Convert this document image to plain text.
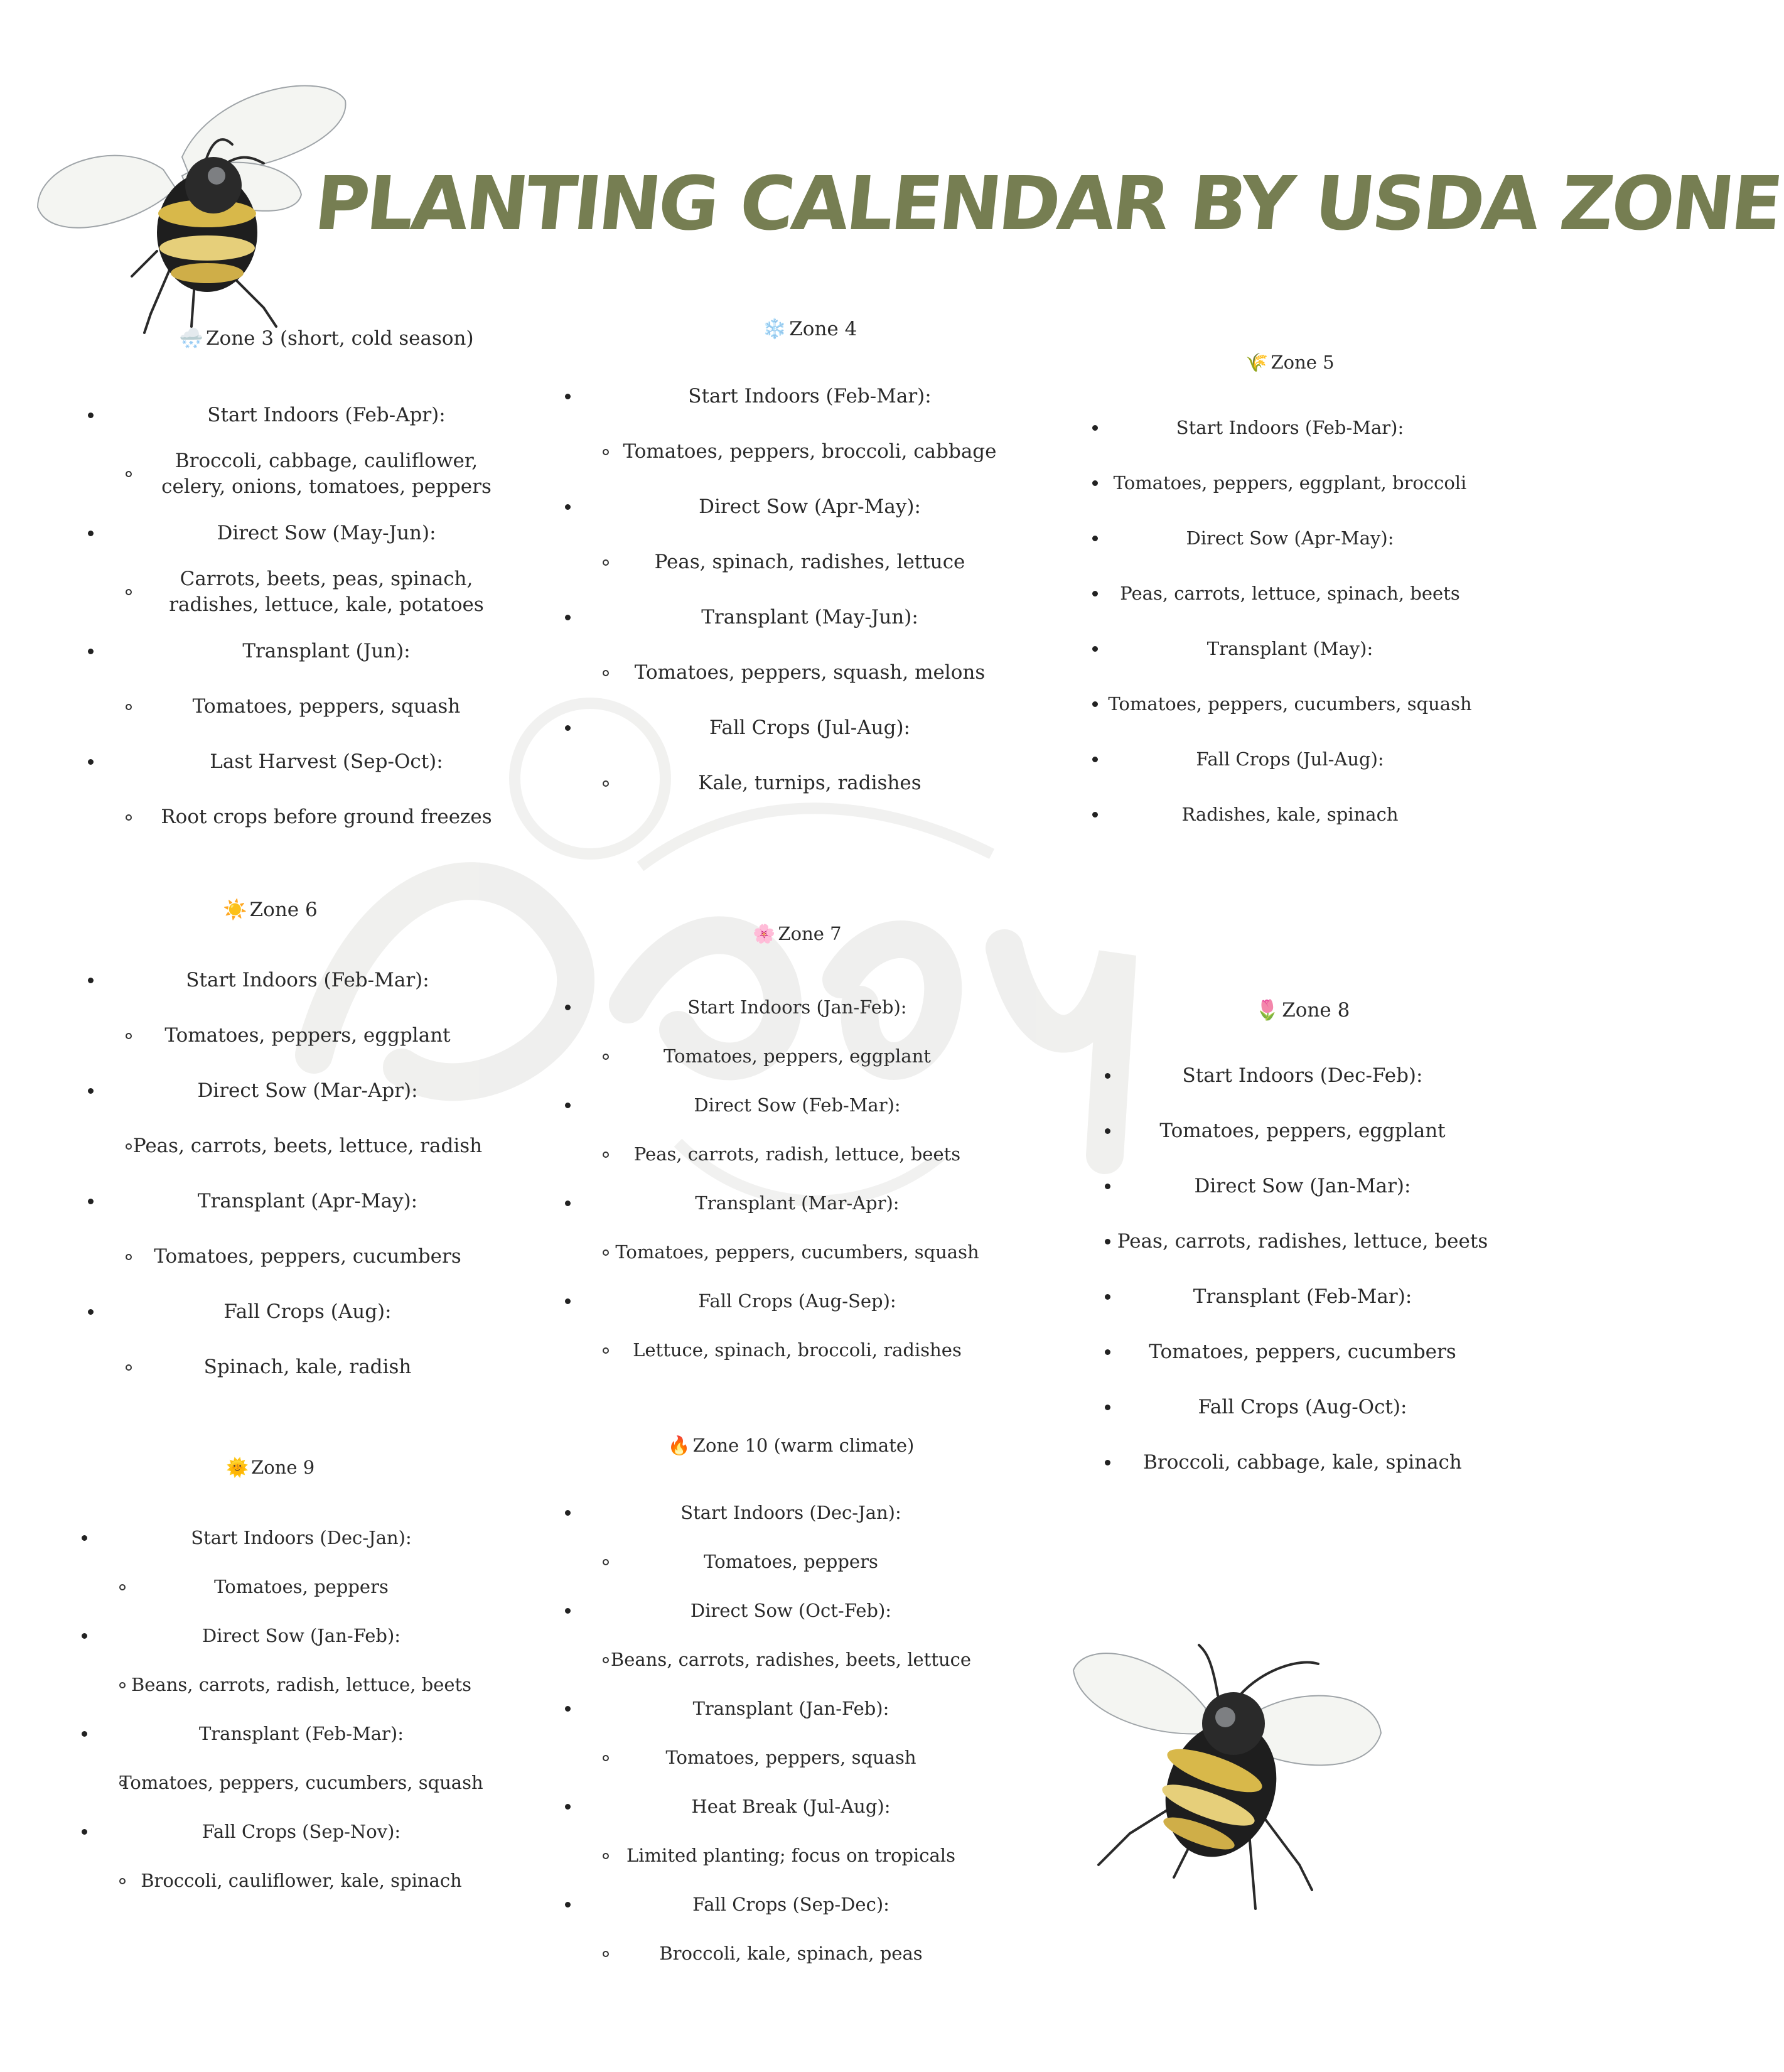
PLANTING CALENDAR BY USDA ZONE
🌨️ Zone 3 (short, cold season)
Start Indoors (Feb-Apr):
Broccoli, cabbage, cauliflower, celery, onions, tomatoes, peppers
Direct Sow (May-Jun):
Carrots, beets, peas, spinach, radishes, lettuce, kale, potatoes
Transplant (Jun):
Tomatoes, peppers, squash
Last Harvest (Sep-Oct):
Root crops before ground freezes
❄️ Zone 4
Start Indoors (Feb-Mar):
Tomatoes, peppers, broccoli, cabbage
Direct Sow (Apr-May):
Peas, spinach, radishes, lettuce
Transplant (May-Jun):
Tomatoes, peppers, squash, melons
Fall Crops (Jul-Aug):
Kale, turnips, radishes
🌾 Zone 5
Start Indoors (Feb-Mar):
Tomatoes, peppers, eggplant, broccoli
Direct Sow (Apr-May):
Peas, carrots, lettuce, spinach, beets
Transplant (May):
Tomatoes, peppers, cucumbers, squash
Fall Crops (Jul-Aug):
Radishes, kale, spinach
☀️ Zone 6
Start Indoors (Feb-Mar):
Tomatoes, peppers, eggplant
Direct Sow (Mar-Apr):
Peas, carrots, beets, lettuce, radish
Transplant (Apr-May):
Tomatoes, peppers, cucumbers
Fall Crops (Aug):
Spinach, kale, radish
🌸 Zone 7
Start Indoors (Jan-Feb):
Tomatoes, peppers, eggplant
Direct Sow (Feb-Mar):
Peas, carrots, radish, lettuce, beets
Transplant (Mar-Apr):
Tomatoes, peppers, cucumbers, squash
Fall Crops (Aug-Sep):
Lettuce, spinach, broccoli, radishes
🌷 Zone 8
Start Indoors (Dec-Feb):
Tomatoes, peppers, eggplant
Direct Sow (Jan-Mar):
Peas, carrots, radishes, lettuce, beets
Transplant (Feb-Mar):
Tomatoes, peppers, cucumbers
Fall Crops (Aug-Oct):
Broccoli, cabbage, kale, spinach
🌞 Zone 9
Start Indoors (Dec-Jan):
Tomatoes, peppers
Direct Sow (Jan-Feb):
Beans, carrots, radish, lettuce, beets
Transplant (Feb-Mar):
Tomatoes, peppers, cucumbers, squash
Fall Crops (Sep-Nov):
Broccoli, cauliflower, kale, spinach
🔥 Zone 10 (warm climate)
Start Indoors (Dec-Jan):
Tomatoes, peppers
Direct Sow (Oct-Feb):
Beans, carrots, radishes, beets, lettuce
Transplant (Jan-Feb):
Tomatoes, peppers, squash
Heat Break (Jul-Aug):
Limited planting; focus on tropicals
Fall Crops (Sep-Dec):
Broccoli, kale, spinach, peas
